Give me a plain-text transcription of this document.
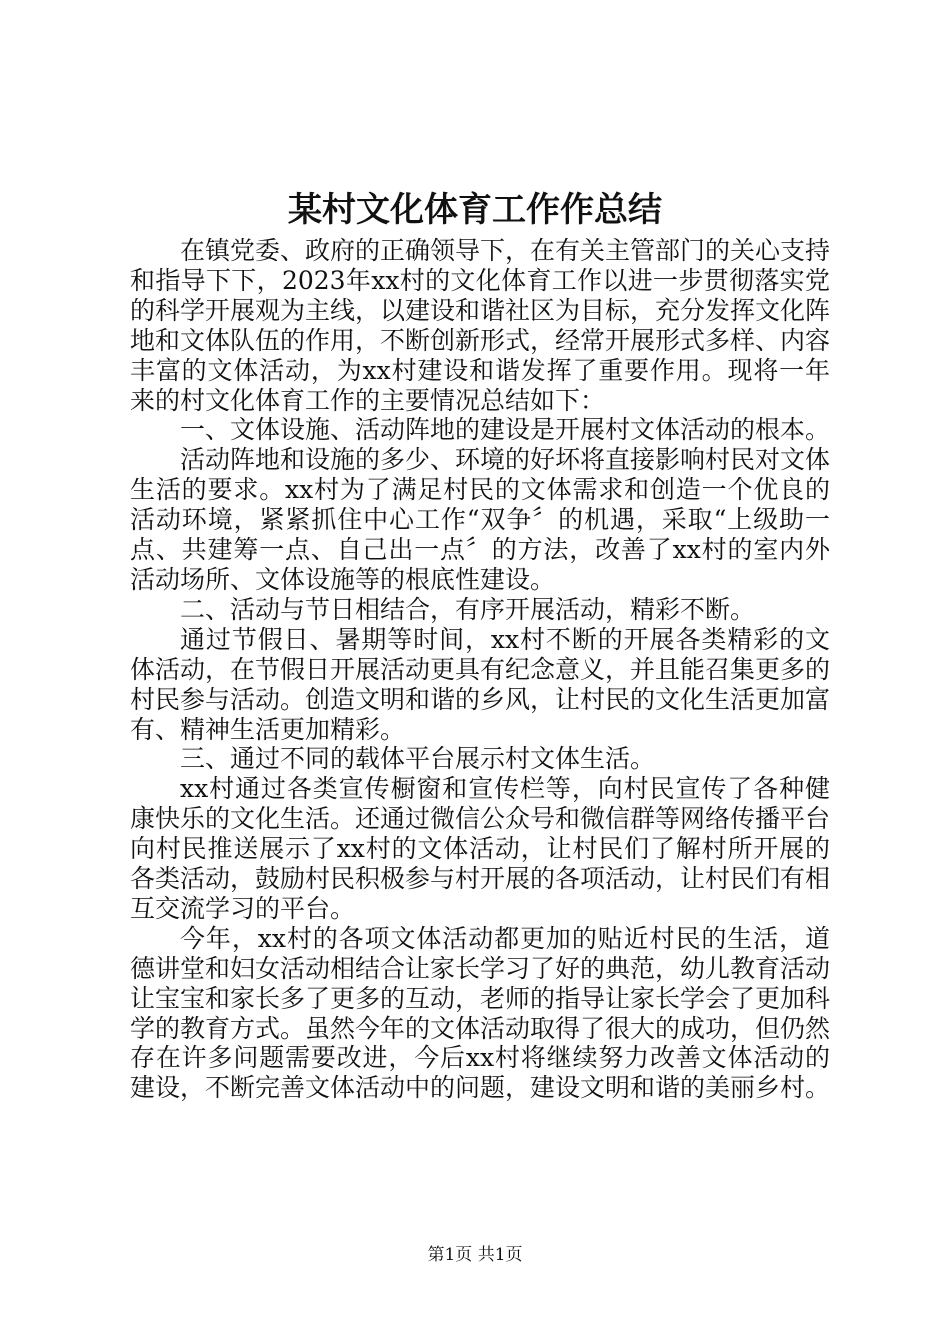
某村文化体育工作作总结

在镇党委、政府的正确领导下，在有关主管部门的关心支持和指导下下，2023年xx村的文化体育工作以进一步贯彻落实党的科学开展观为主线，以建设和谐社区为目标，充分发挥文化阵地和文体队伍的作用，不断创新形式，经常开展形式多样、内容丰富的文体活动，为xx村建设和谐发挥了重要作用。现将一年来的村文化体育工作的主要情况总结如下：

一、文体设施、活动阵地的建设是开展村文体活动的根本。

活动阵地和设施的多少、环境的好坏将直接影响村民对文体生活的要求。xx村为了满足村民的文体需求和创造一个优良的活动环境，紧紧抓住中心工作“双争〞的机遇，采取“上级助一点、共建筹一点、自己出一点〞的方法，改善了xx村的室内外活动场所、文体设施等的根底性建设。

二、活动与节日相结合，有序开展活动，精彩不断。

通过节假日、暑期等时间，xx村不断的开展各类精彩的文体活动，在节假日开展活动更具有纪念意义，并且能召集更多的村民参与活动。创造文明和谐的乡风，让村民的文化生活更加富有、精神生活更加精彩。

三、通过不同的载体平台展示村文体生活。

xx村通过各类宣传橱窗和宣传栏等，向村民宣传了各种健康快乐的文化生活。还通过微信公众号和微信群等网络传播平台向村民推送展示了xx村的文体活动，让村民们了解村所开展的各类活动，鼓励村民积极参与村开展的各项活动，让村民们有相互交流学习的平台。

今年，xx村的各项文体活动都更加的贴近村民的生活，道德讲堂和妇女活动相结合让家长学习了好的典范，幼儿教育活动让宝宝和家长多了更多的互动，老师的指导让家长学会了更加科学的教育方式。虽然今年的文体活动取得了很大的成功，但仍然存在许多问题需要改进，今后xx村将继续努力改善文体活动的建设，不断完善文体活动中的问题，建设文明和谐的美丽乡村。

第1页 共1页
